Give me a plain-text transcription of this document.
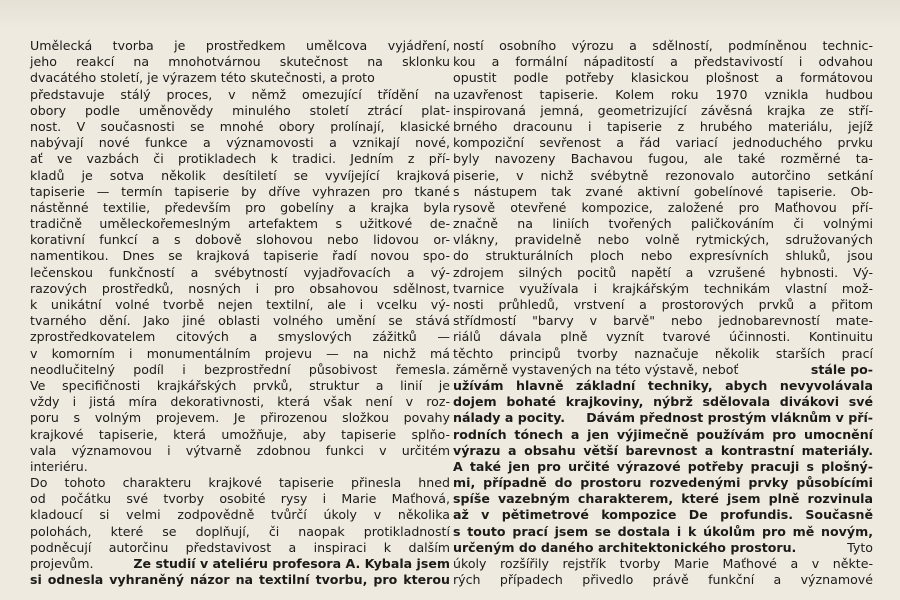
Umělecká tvorba je prostředkem umělcova vyjádření,
jeho reakcí na mnohotvárnou skutečnost na sklonku
dvacátého století, je výrazem této skutečnosti, a proto
představuje stálý proces, v němž omezující třídění na
obory podle uměnovědy minulého století ztrácí plat-
nost. V současnosti se mnohé obory prolínají, klasické
nabývají nové funkce a významovosti a vznikají nové,
ať ve vazbách či protikladech k tradici. Jedním z pří-
kladů je sotva několik desítiletí se vyvíjející krajková
tapiserie — termín tapiserie by dříve vyhrazen pro tkané
nástěnné textilie, především pro gobelíny a krajka byla
tradičně uměleckořemeslným artefaktem s užitkové de-
korativní funkcí a s dobově slohovou nebo lidovou or-
namentikou. Dnes se krajková tapiserie řadí novou spo-
lečenskou funkčností a svébytností vyjadřovacích a vý-
razových prostředků, nosných i pro obsahovou sdělnost,
k unikátní volné tvorbě nejen textilní, ale i vcelku vý-
tvarného dění. Jako jiné oblasti volného umění se stává
zprostředkovatelem citových a smyslových zážitků —
v komorním i monumentálním projevu — na nichž má
neodlučitelný podíl i bezprostřední působivost řemesla.
Ve specifičnosti krajkářských prvků, struktur a linií je
vždy i jistá míra dekorativnosti, která však není v roz-
poru s volným projevem. Je přirozenou složkou povahy
krajkové tapiserie, která umožňuje, aby tapiserie splňo-
vala významovou i výtvarně zdobnou funkci v určitém
interiéru.
Do tohoto charakteru krajkové tapiserie přinesla hned
od počátku své tvorby osobité rysy i Marie Maťhová,
kladoucí si velmi zodpovědně tvůrčí úkoly v několika
polohách, které se doplňují, či naopak protikladností
podněcují autorčinu představivost a inspiraci k dalším
projevům.	Ze studií v ateliéru profesora A. Kybala jsem
si odnesla vyhraněný názor na textilní tvorbu, pro kterou
ností osobního výrozu a sdělností, podmíněnou technic-
kou a formální nápaditostí a představivostí i odvahou
opustit podle potřeby klasickou plošnost a formátovou
uzavřenost tapiserie. Kolem roku 1970 vznikla hudbou
inspirovaná jemná, geometrizující závěsná krajka ze stří-
brného dracounu i tapiserie z hrubého materiálu, jejíž
kompoziční sevřenost a řád variací jednoduchého prvku
byly navozeny Bachavou fugou, ale také rozměrné ta-
piserie, v nichž svébytně rezonovalo autorčino setkání
s nástupem tak zvané aktivní gobelínové tapiserie. Ob-
rysově otevřené kompozice, založené pro Maťhovou pří-
značně na liniích tvořených paličkováním či volnými
vlákny, pravidelně nebo volně rytmických, sdružovaných
do strukturálních ploch nebo expresívních shluků, jsou
zdrojem silných pocitů napětí a vzrušené hybnosti. Vý-
tvarnice využívala i krajkářským technikám vlastní mož-
nosti průhledů, vrstvení a prostorových prvků a přitom
střídmostí "barvy v barvě" nebo jednobarevností mate-
riálů dávala plně vyznít tvarové účinnosti. Kontinuitu
těchto principů tvorby naznačuje několik starších prací
záměrně vystavených na této výstavě, neboť	stále po-
užívám hlavně základní techniky, abych nevyvolávala
dojem bohaté krajkoviny, nýbrž sdělovala divákovi své
nálady a pocity. Dávám přednost prostým vláknům v pří-
rodních tónech a jen výjimečně používám pro umocnění
výrazu a obsahu větší barevnost a kontrastní materiály.
A také jen pro určité výrazové potřeby pracuji s plošný-
mi, případně do prostoru rozvedenými prvky působícími
spíše vazebným charakterem, které jsem plně rozvinula
až v pětimetrové kompozice De profundis. Současně
s touto prací jsem se dostala i k úkolům pro mě novým,
určeným do daného architektonického prostoru.	Tyto
úkoly rozšířily rejstřík tvorby Marie Maťhové a v někte-
rých případech přivedlo právě funkční a významové
